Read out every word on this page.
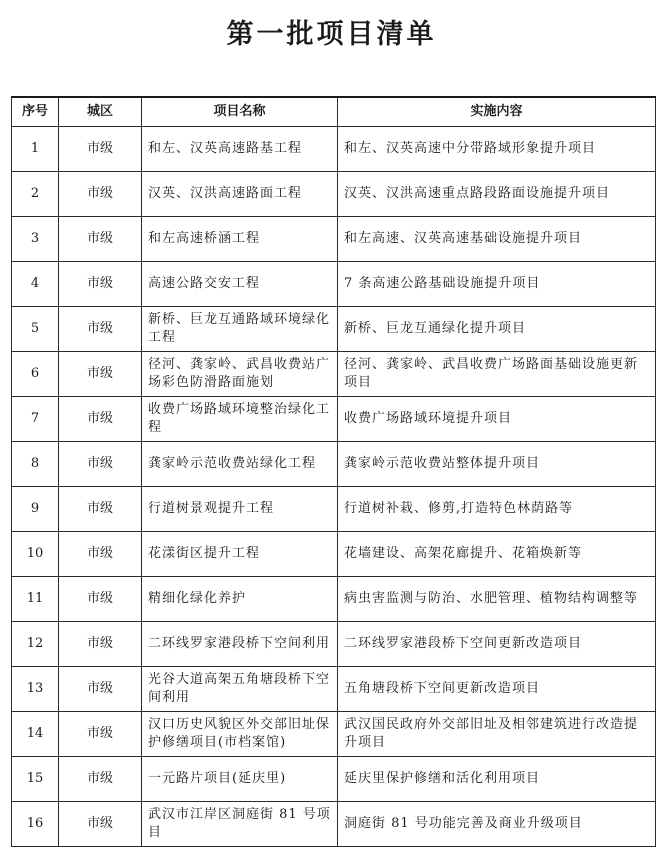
第一批项目清单
序号	城区	项目名称	实施内容
1	市级	和左、汉英高速路基工程	和左、汉英高速中分带路域形象提升项目
2	市级	汉英、汉洪高速路面工程	汉英、汉洪高速重点路段路面设施提升项目
3	市级	和左高速桥涵工程	和左高速、汉英高速基础设施提升项目
4	市级	高速公路交安工程	7 条高速公路基础设施提升项目
5	市级	新桥、巨龙互通路域环境绿化工程	新桥、巨龙互通绿化提升项目
6	市级	径河、龚家岭、武昌收费站广场彩色防滑路面施划	径河、龚家岭、武昌收费广场路面基础设施更新项目
7	市级	收费广场路域环境整治绿化工程	收费广场路域环境提升项目
8	市级	龚家岭示范收费站绿化工程	龚家岭示范收费站整体提升项目
9	市级	行道树景观提升工程	行道树补栽、修剪,打造特色林荫路等
10	市级	花漾街区提升工程	花墙建设、高架花廊提升、花箱焕新等
11	市级	精细化绿化养护	病虫害监测与防治、水肥管理、植物结构调整等
12	市级	二环线罗家港段桥下空间利用	二环线罗家港段桥下空间更新改造项目
13	市级	光谷大道高架五角塘段桥下空间利用	五角塘段桥下空间更新改造项目
14	市级	汉口历史风貌区外交部旧址保护修缮项目(市档案馆)	武汉国民政府外交部旧址及相邻建筑进行改造提升项目
15	市级	一元路片项目(延庆里)	延庆里保护修缮和活化利用项目
16	市级	武汉市江岸区洞庭街 81 号项目	洞庭街 81 号功能完善及商业升级项目
